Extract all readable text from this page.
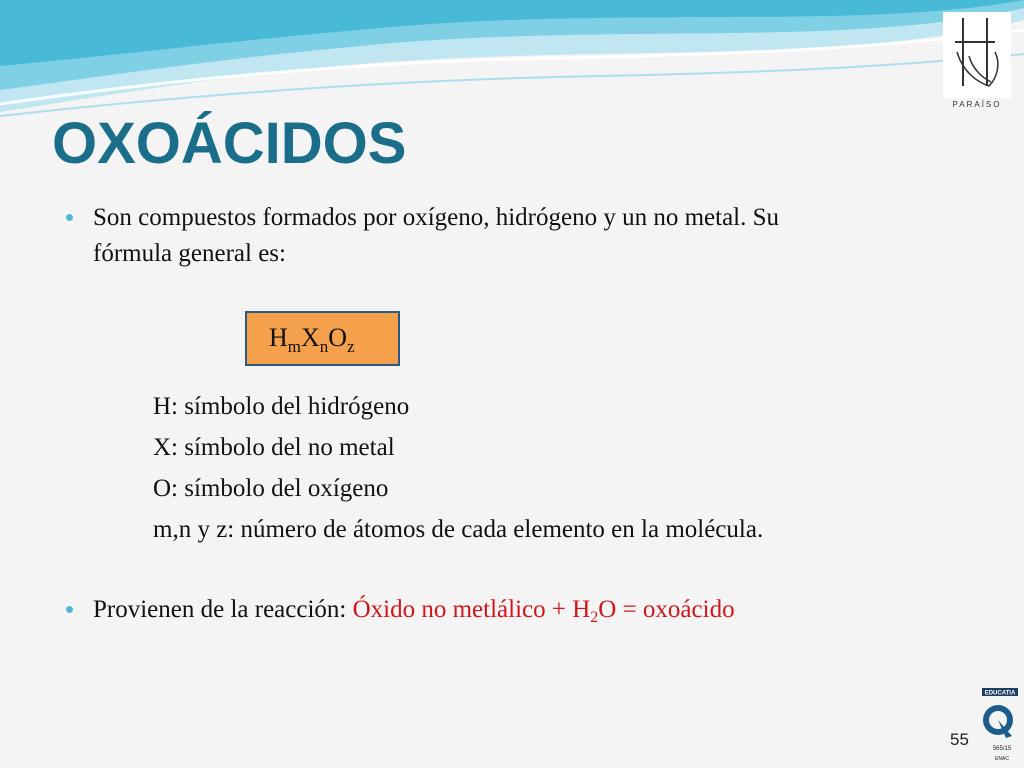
PARAÍSO
OXOÁCIDOS
Son compuestos formados por oxígeno, hidrógeno y un no metal. Su
fórmula general es:
$H_mX_nO_z$
H: símbolo del hidrógeno
X: símbolo del no metal
O: símbolo del oxígeno
m,n y z: número de átomos de cada elemento en la molécula.
Provienen de la reacción: Óxido no metlálico + $H_2O$ = oxoácido
55
EDUCATIA
565/15
ENAC
